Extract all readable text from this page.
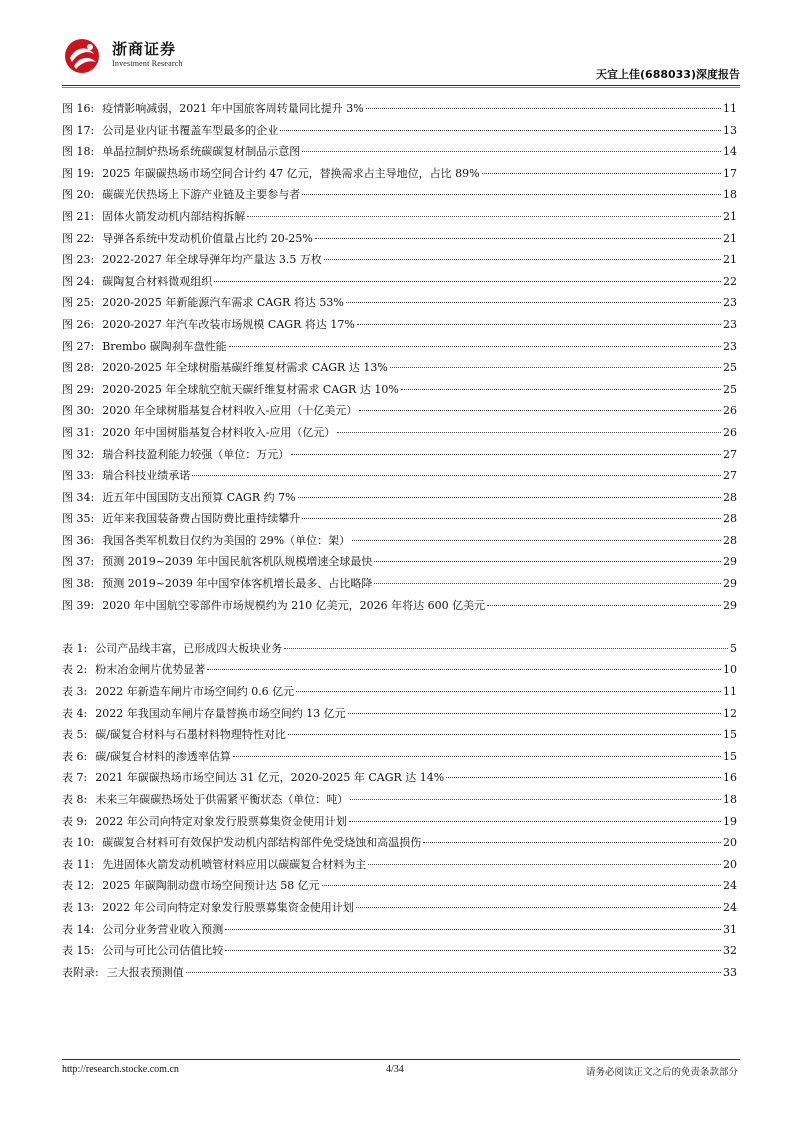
浙商证券
Investment Research
天宜上佳(688033)深度报告
图 16: 疫情影响减弱，2021 年中国旅客周转量同比提升 3%	11
图 17: 公司是业内证书覆盖车型最多的企业	13
图 18: 单晶拉制炉热场系统碳碳复材制品示意图	14
图 19: 2025 年碳碳热场市场空间合计约 47 亿元，替换需求占主导地位，占比 89%	17
图 20: 碳碳光伏热场上下游产业链及主要参与者	18
图 21: 固体火箭发动机内部结构拆解	21
图 22: 导弹各系统中发动机价值量占比约 20-25%	21
图 23: 2022-2027 年全球导弹年均产量达 3.5 万枚	21
图 24: 碳陶复合材料微观组织	22
图 25: 2020-2025 年新能源汽车需求 CAGR 将达 53%	23
图 26: 2020-2027 年汽车改装市场规模 CAGR 将达 17%	23
图 27: Brembo 碳陶刹车盘性能	23
图 28: 2020-2025 年全球树脂基碳纤维复材需求 CAGR 达 13%	25
图 29: 2020-2025 年全球航空航天碳纤维复材需求 CAGR 达 10%	25
图 30: 2020 年全球树脂基复合材料收入-应用（十亿美元）	26
图 31: 2020 年中国树脂基复合材料收入-应用（亿元）	26
图 32: 瑞合科技盈利能力较强（单位：万元）	27
图 33: 瑞合科技业绩承诺	27
图 34: 近五年中国国防支出预算 CAGR 约 7%	28
图 35: 近年来我国装备费占国防费比重持续攀升	28
图 36: 我国各类军机数目仅约为美国的 29%（单位：架）	28
图 37: 预测 2019~2039 年中国民航客机队规模增速全球最快	29
图 38: 预测 2019~2039 年中国窄体客机增长最多、占比略降	29
图 39: 2020 年中国航空零部件市场规模约为 210 亿美元，2026 年将达 600 亿美元	29
表 1: 公司产品线丰富，已形成四大板块业务	5
表 2: 粉末冶金闸片优势显著	10
表 3: 2022 年新造车闸片市场空间约 0.6 亿元	11
表 4: 2022 年我国动车闸片存量替换市场空间约 13 亿元	12
表 5: 碳/碳复合材料与石墨材料物理特性对比	15
表 6: 碳/碳复合材料的渗透率估算	15
表 7: 2021 年碳碳热场市场空间达 31 亿元，2020-2025 年 CAGR 达 14%	16
表 8: 未来三年碳碳热场处于供需紧平衡状态（单位：吨）	18
表 9: 2022 年公司向特定对象发行股票募集资金使用计划	19
表 10: 碳碳复合材料可有效保护发动机内部结构部件免受烧蚀和高温损伤	20
表 11: 先进固体火箭发动机喷管材料应用以碳碳复合材料为主	20
表 12: 2025 年碳陶制动盘市场空间预计达 58 亿元	24
表 13: 2022 年公司向特定对象发行股票募集资金使用计划	24
表 14: 公司分业务营业收入预测	31
表 15: 公司与可比公司估值比较	32
表附录: 三大报表预测值	33
http://research.stocke.com.cn	4/34	请务必阅读正文之后的免责条款部分
